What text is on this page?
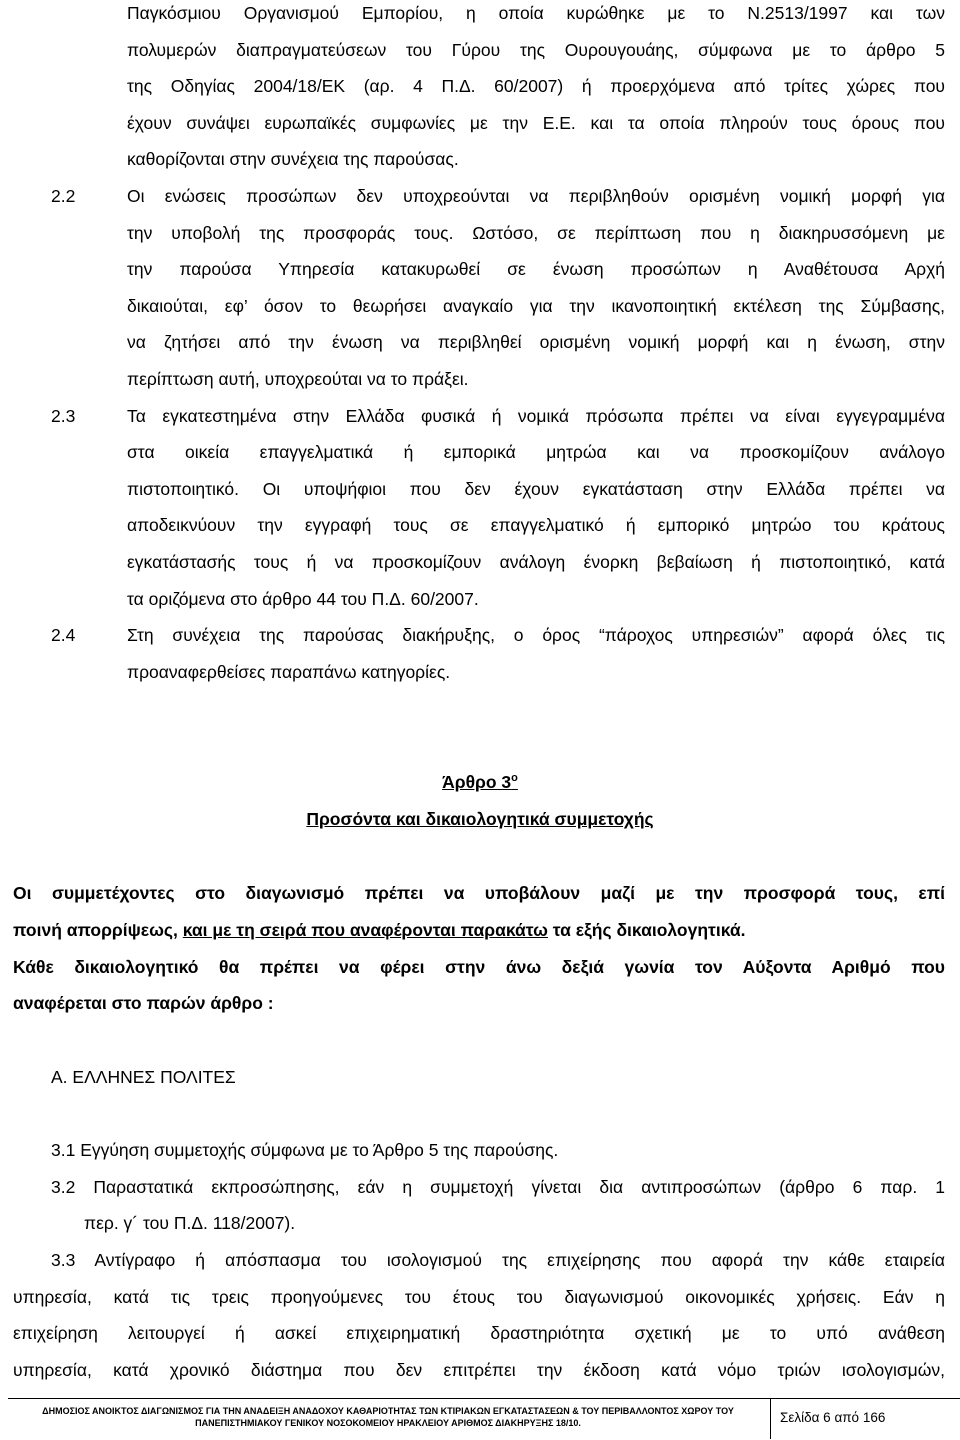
Παγκόσμιου Οργανισμού Εμπορίου, η οποία κυρώθηκε με το Ν.2513/1997 και των
πολυμερών διαπραγματεύσεων του Γύρου της Ουρουγουάης, σύμφωνα με το άρθρο 5
της Οδηγίας 2004/18/ΕΚ (αρ. 4 Π.Δ. 60/2007) ή προερχόμενα από τρίτες χώρες που
έχουν συνάψει ευρωπαϊκές συμφωνίες με την Ε.Ε. και τα οποία πληρούν τους όρους που
καθορίζονται στην συνέχεια της παρούσας.
2.2	Οι ενώσεις προσώπων δεν υποχρεούνται να περιβληθούν ορισμένη νομική μορφή για
την υποβολή της προσφοράς τους. Ωστόσο, σε περίπτωση που η διακηρυσσόμενη με
την παρούσα Υπηρεσία κατακυρωθεί σε ένωση προσώπων η Αναθέτουσα Αρχή
δικαιούται, εφ’ όσον το θεωρήσει αναγκαίο για την ικανοποιητική εκτέλεση της Σύμβασης,
να ζητήσει από την ένωση να περιβληθεί ορισμένη νομική μορφή και η ένωση, στην
περίπτωση αυτή, υποχρεούται να το πράξει.
2.3	Τα εγκατεστημένα στην Ελλάδα φυσικά ή νομικά πρόσωπα πρέπει να είναι εγγεγραμμένα
στα οικεία επαγγελματικά ή εμπορικά μητρώα και να προσκομίζουν ανάλογο
πιστοποιητικό. Οι υποψήφιοι που δεν έχουν εγκατάσταση στην Ελλάδα πρέπει να
αποδεικνύουν την εγγραφή τους σε επαγγελματικό ή εμπορικό μητρώο του κράτους
εγκατάστασής τους ή να προσκομίζουν ανάλογη ένορκη βεβαίωση ή πιστοποιητικό, κατά
τα οριζόμενα στο άρθρο 44 του Π.Δ. 60/2007.
2.4	Στη συνέχεια της παρούσας διακήρυξης, ο όρος “πάροχος υπηρεσιών” αφορά όλες τις
προαναφερθείσες παραπάνω κατηγορίες.
Άρθρο $3^o$
Προσόντα και δικαιολογητικά συμμετοχής
Οι συμμετέχοντες στο διαγωνισμό πρέπει να υποβάλουν μαζί με την προσφορά τους, επί
ποινή απορρίψεως, και με τη σειρά που αναφέρονται παρακάτω τα εξής δικαιολογητικά.
Κάθε δικαιολογητικό θα πρέπει να φέρει στην άνω δεξιά γωνία τον Αύξοντα Αριθμό που
αναφέρεται στο παρών άρθρο :
Α. ΕΛΛΗΝΕΣ ΠΟΛΙΤΕΣ
3.1 Εγγύηση συμμετοχής σύμφωνα με το Άρθρο 5 της παρούσης.
3.2 Παραστατικά εκπροσώπησης, εάν η συμμετοχή γίνεται δια αντιπροσώπων (άρθρο 6 παρ. 1
περ. γ´ του Π.Δ. 118/2007).
3.3 Αντίγραφο ή απόσπασμα του ισολογισμού της επιχείρησης που αφορά την κάθε εταιρεία
υπηρεσία, κατά τις τρεις προηγούμενες του έτους του διαγωνισμού οικονομικές χρήσεις. Εάν η
επιχείρηση λειτουργεί ή ασκεί επιχειρηματική δραστηριότητα σχετική με το υπό ανάθεση
υπηρεσία, κατά χρονικό διάστημα που δεν επιτρέπει την έκδοση κατά νόμο τριών ισολογισμών,
ΔΗΜΟΣΙΟΣ ΑΝΟΙΚΤΟΣ ΔΙΑΓΩΝΙΣΜΟΣ ΓΙΑ ΤΗΝ ΑΝΑΔΕΙΞΗ ΑΝΑΔΟΧΟΥ ΚΑΘΑΡΙΟΤΗΤΑΣ ΤΩΝ ΚΤΙΡΙΑΚΩΝ ΕΓΚΑΤΑΣΤΑΣΕΩΝ & ΤΟΥ ΠΕΡΙΒΑΛΛΟΝΤΟΣ ΧΩΡΟΥ ΤΟΥ
ΠΑΝΕΠΙΣΤΗΜΙΑΚΟΥ ΓΕΝΙΚΟΥ ΝΟΣΟΚΟΜΕΙΟΥ ΗΡΑΚΛΕΙΟΥ ΑΡΙΘΜΟΣ ΔΙΑΚΗΡΥΞΗΣ 18/10.	Σελίδα 6 από 166
